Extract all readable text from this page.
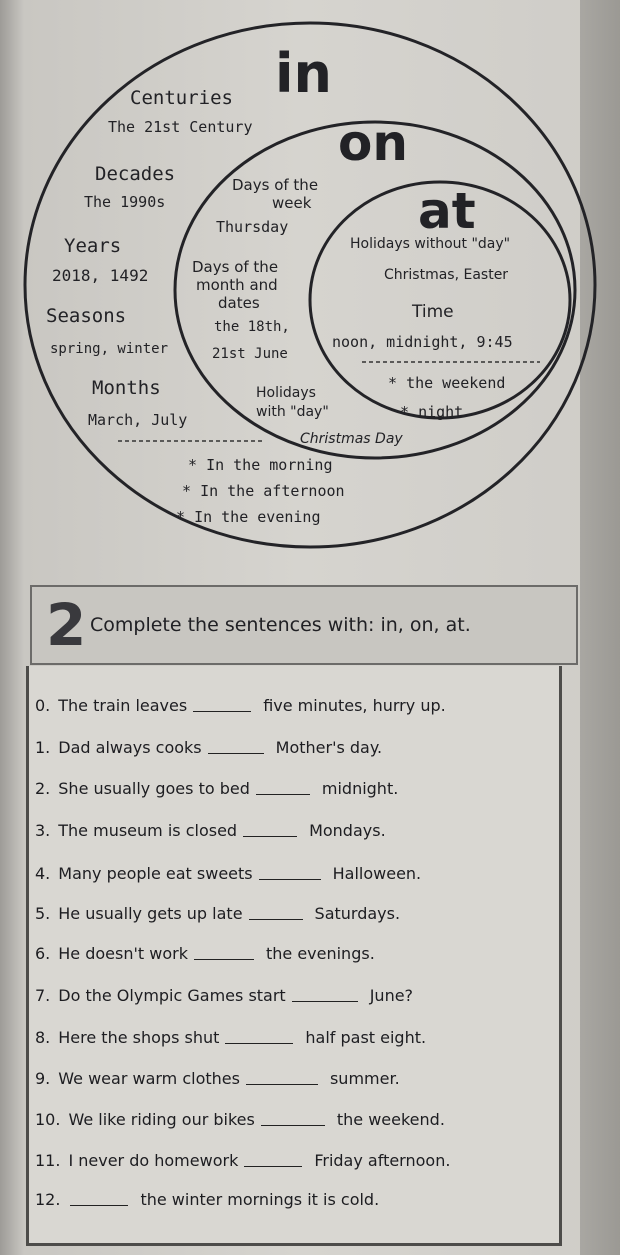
in
on
at
Centuries
The 21st Century
Decades
The 1990s
Years
2018, 1492
Seasons
spring, winter
Months
March, July
* In the morning
* In the afternoon
* In the evening
Days of the week
Thursday
Days of the month and dates
the 18th, 21st June
Holidays with "day"
Christmas Day
Holidays without "day"
Christmas, Easter
Time
noon, midnight, 9:45
* the weekend
* night
2 Complete the sentences with: in, on, at.
0. The train leaves	five minutes, hurry up.
1. Dad always cooks	Mother's day.
2. She usually goes to bed	midnight.
3. The museum is closed	Mondays.
4. Many people eat sweets	Halloween.
5. He usually gets up late	Saturdays.
6. He doesn't work	the evenings.
7. Do the Olympic Games start	June?
8. Here the shops shut	half past eight.
9. We wear warm clothes	summer.
10. We like riding our bikes	the weekend.
11. I never do homework	Friday afternoon.
12.	the winter mornings it is cold.
